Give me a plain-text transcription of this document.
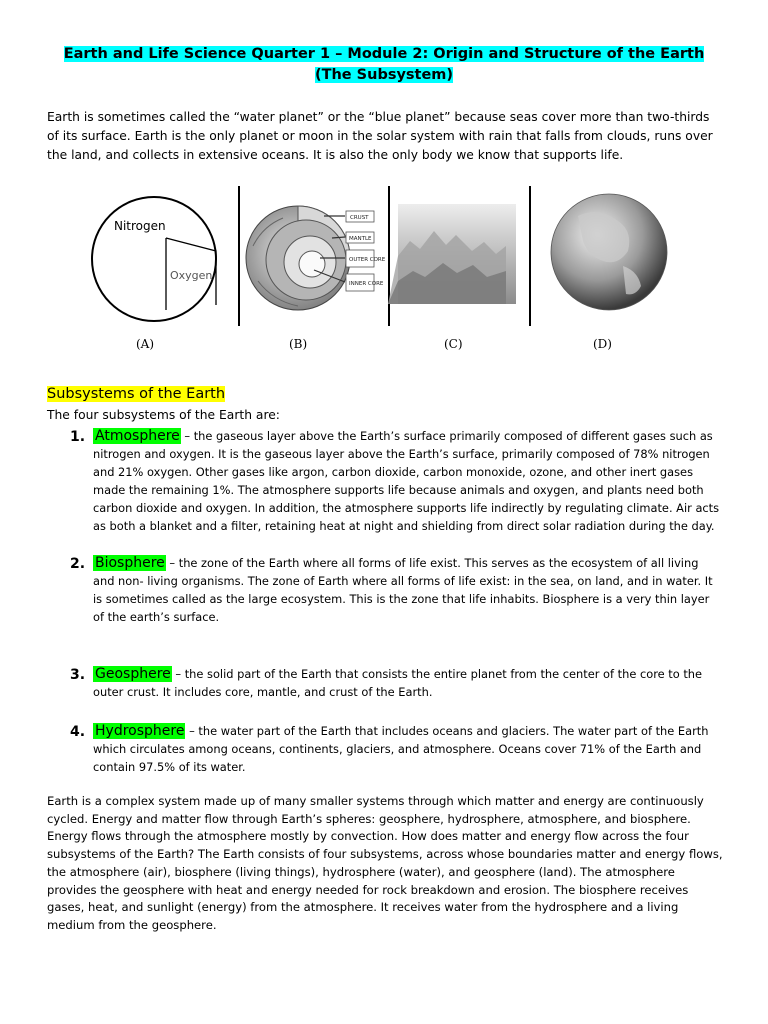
Earth and Life Science Quarter 1 – Module 2: Origin and Structure of the Earth (The Subsystem)

Earth is sometimes called the “water planet” or the “blue planet” because seas cover more than two-thirds of its surface. Earth is the only planet or moon in the solar system with rain that falls from clouds, runs over the land, and collects in extensive oceans. It is also the only body we know that supports life.

Nitrogen
Oxygen
CRUST
MANTLE
OUTER CORE
INNER CORE
(A)	(B)	(C)	(D)
Subsystems of the Earth
The four subsystems of the Earth are:
1. Atmosphere – the gaseous layer above the Earth’s surface primarily composed of different gases such as nitrogen and oxygen. It is the gaseous layer above the Earth’s surface, primarily composed of 78% nitrogen and 21% oxygen. Other gases like argon, carbon dioxide, carbon monoxide, ozone, and other inert gases made the remaining 1%. The atmosphere supports life because animals and oxygen, and plants need both carbon dioxide and oxygen. In addition, the atmosphere supports life indirectly by regulating climate. Air acts as both a blanket and a filter, retaining heat at night and shielding from direct solar radiation during the day.
2. Biosphere – the zone of the Earth where all forms of life exist. This serves as the ecosystem of all living and non- living organisms. The zone of Earth where all forms of life exist: in the sea, on land, and in water. It is sometimes called as the large ecosystem. This is the zone that life inhabits. Biosphere is a very thin layer of the earth’s surface.
3. Geosphere – the solid part of the Earth that consists the entire planet from the center of the core to the outer crust. It includes core, mantle, and crust of the Earth.
4. Hydrosphere – the water part of the Earth that includes oceans and glaciers. The water part of the Earth which circulates among oceans, continents, glaciers, and atmosphere. Oceans cover 71% of the Earth and contain 97.5% of its water.

Earth is a complex system made up of many smaller systems through which matter and energy are continuously cycled. Energy and matter flow through Earth’s spheres: geosphere, hydrosphere, atmosphere, and biosphere. Energy flows through the atmosphere mostly by convection. How does matter and energy flow across the four subsystems of the Earth? The Earth consists of four subsystems, across whose boundaries matter and energy flows, the atmosphere (air), biosphere (living things), hydrosphere (water), and geosphere (land). The atmosphere provides the geosphere with heat and energy needed for rock breakdown and erosion. The biosphere receives gases, heat, and sunlight (energy) from the atmosphere. It receives water from the hydrosphere and a living medium from the geosphere.
